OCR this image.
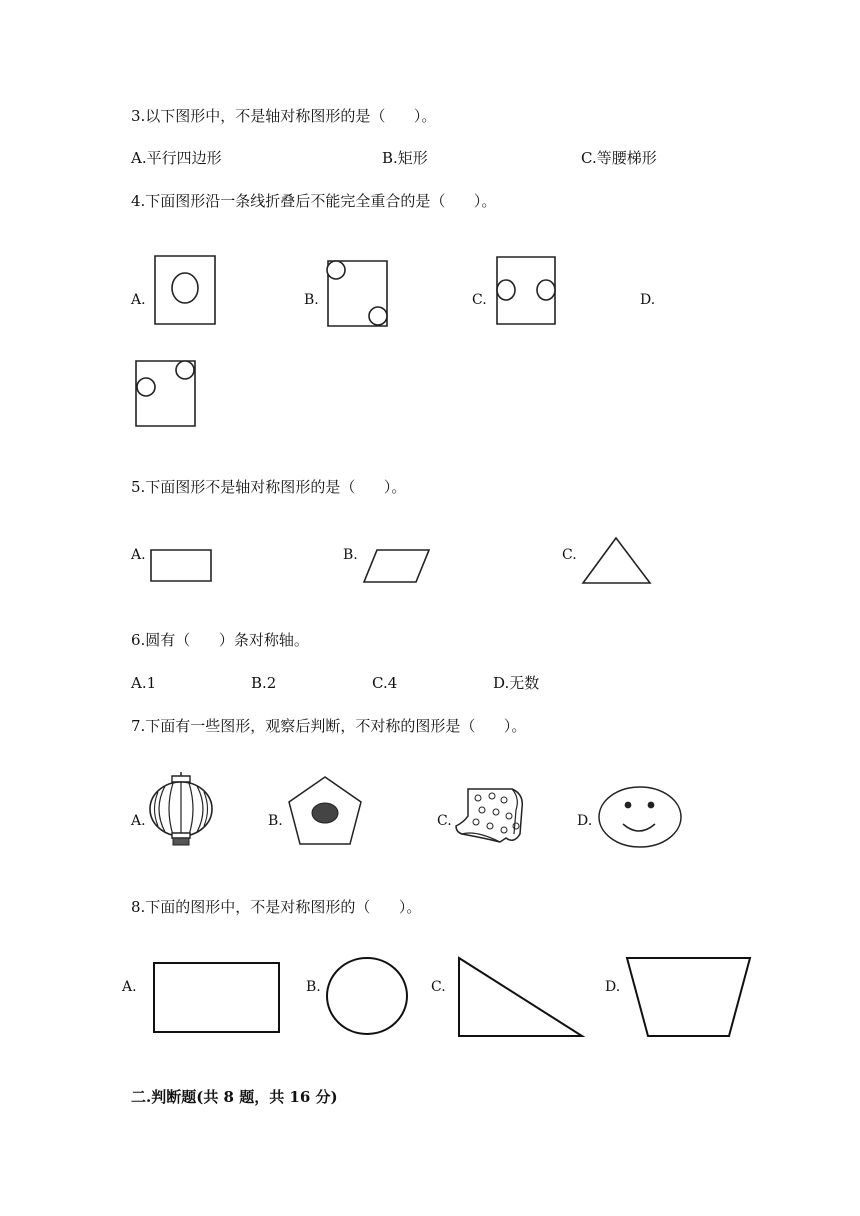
3.以下图形中，不是轴对称图形的是（      ）。
A.平行四边形	B.矩形	C.等腰梯形
4.下面图形沿一条线折叠后不能完全重合的是（      ）。
A.	B.	C.	D.
5.下面图形不是轴对称图形的是（      ）。
A.	B.	C.
6.圆有（      ）条对称轴。
A.1	B.2	C.4	D.无数
7.下面有一些图形，观察后判断，不对称的图形是（      ）。
A.	B.	C.	D.
8.下面的图形中，不是对称图形的（      ）。
A.	B.	C.	D.
二.判断题(共 8 题，共 16 分)
